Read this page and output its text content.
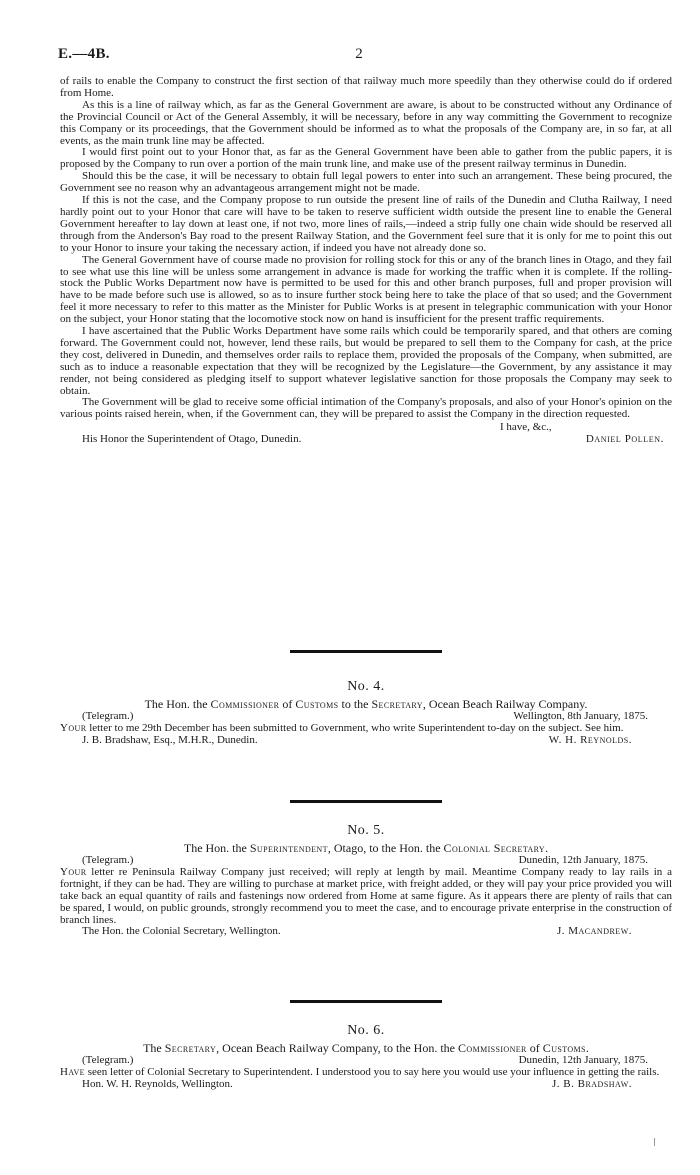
E.—4B.	2

of rails to enable the Company to construct the first section of that railway much more speedily than they otherwise could do if ordered from Home.

As this is a line of railway which, as far as the General Government are aware, is about to be constructed without any Ordinance of the Provincial Council or Act of the General Assembly, it will be necessary, before in any way committing the Government to recognize this Company or its proceedings, that the Government should be informed as to what the proposals of the Company are, in so far, at all events, as the main trunk line may be affected.

I would first point out to your Honor that, as far as the General Government have been able to gather from the public papers, it is proposed by the Company to run over a portion of the main trunk line, and make use of the present railway terminus in Dunedin.

Should this be the case, it will be necessary to obtain full legal powers to enter into such an arrangement. These being procured, the Government see no reason why an advantageous arrangement might not be made.

If this is not the case, and the Company propose to run outside the present line of rails of the Dunedin and Clutha Railway, I need hardly point out to your Honor that care will have to be taken to reserve sufficient width outside the present line to enable the General Government hereafter to lay down at least one, if not two, more lines of rails,—indeed a strip fully one chain wide should be reserved all through from the Anderson's Bay road to the present Railway Station, and the Government feel sure that it is only for me to point this out to your Honor to insure your taking the necessary action, if indeed you have not already done so.

The General Government have of course made no provision for rolling stock for this or any of the branch lines in Otago, and they fail to see what use this line will be unless some arrangement in advance is made for working the traffic when it is complete. If the rolling-stock the Public Works Department now have is permitted to be used for this and other branch purposes, full and proper provision will have to be made before such use is allowed, so as to insure further stock being here to take the place of that so used; and the Government feel it more necessary to refer to this matter as the Minister for Public Works is at present in telegraphic communication with your Honor on the subject, your Honor stating that the locomotive stock now on hand is insufficient for the present traffic requirements.

I have ascertained that the Public Works Department have some rails which could be temporarily spared, and that others are coming forward. The Government could not, however, lend these rails, but would be prepared to sell them to the Company for cash, at the price they cost, delivered in Dunedin, and themselves order rails to replace them, provided the proposals of the Company, when submitted, are such as to induce a reasonable expectation that they will be recognized by the Legislature—the Government, by any assistance it may render, not being considered as pledging itself to support whatever legislative sanction for those proposals the Company may seek to obtain.

The Government will be glad to receive some official intimation of the Company's proposals, and also of your Honor's opinion on the various points raised herein, when, if the Government can, they will be prepared to assist the Company in the direction requested.

I have, &c.,
His Honor the Superintendent of Otago, Dunedin.	Daniel Pollen.
No. 4.
The Hon. the Commissioner of Customs to the Secretary, Ocean Beach Railway Company.
(Telegram.)	Wellington, 8th January, 1875.
Your letter to me 29th December has been submitted to Government, who write Superintendent to-day on the subject. See him.
J. B. Bradshaw, Esq., M.H.R., Dunedin.	W. H. Reynolds.
No. 5.
The Hon. the Superintendent, Otago, to the Hon. the Colonial Secretary.
(Telegram.)	Dunedin, 12th January, 1875.
Your letter re Peninsula Railway Company just received; will reply at length by mail. Meantime Company ready to lay rails in a fortnight, if they can be had. They are willing to purchase at market price, with freight added, or they will pay your price provided you will take back an equal quantity of rails and fastenings now ordered from Home at same figure. As it appears there are plenty of rails that can be spared, I would, on public grounds, strongly recommend you to meet the case, and to encourage private enterprise in the construction of branch lines.
The Hon. the Colonial Secretary, Wellington.	J. Macandrew.
No. 6.
The Secretary, Ocean Beach Railway Company, to the Hon. the Commissioner of Customs.
(Telegram.)	Dunedin, 12th January, 1875.
Have seen letter of Colonial Secretary to Superintendent. I understood you to say here you would use your influence in getting the rails.
Hon. W. H. Reynolds, Wellington.	J. B. Bradshaw.
